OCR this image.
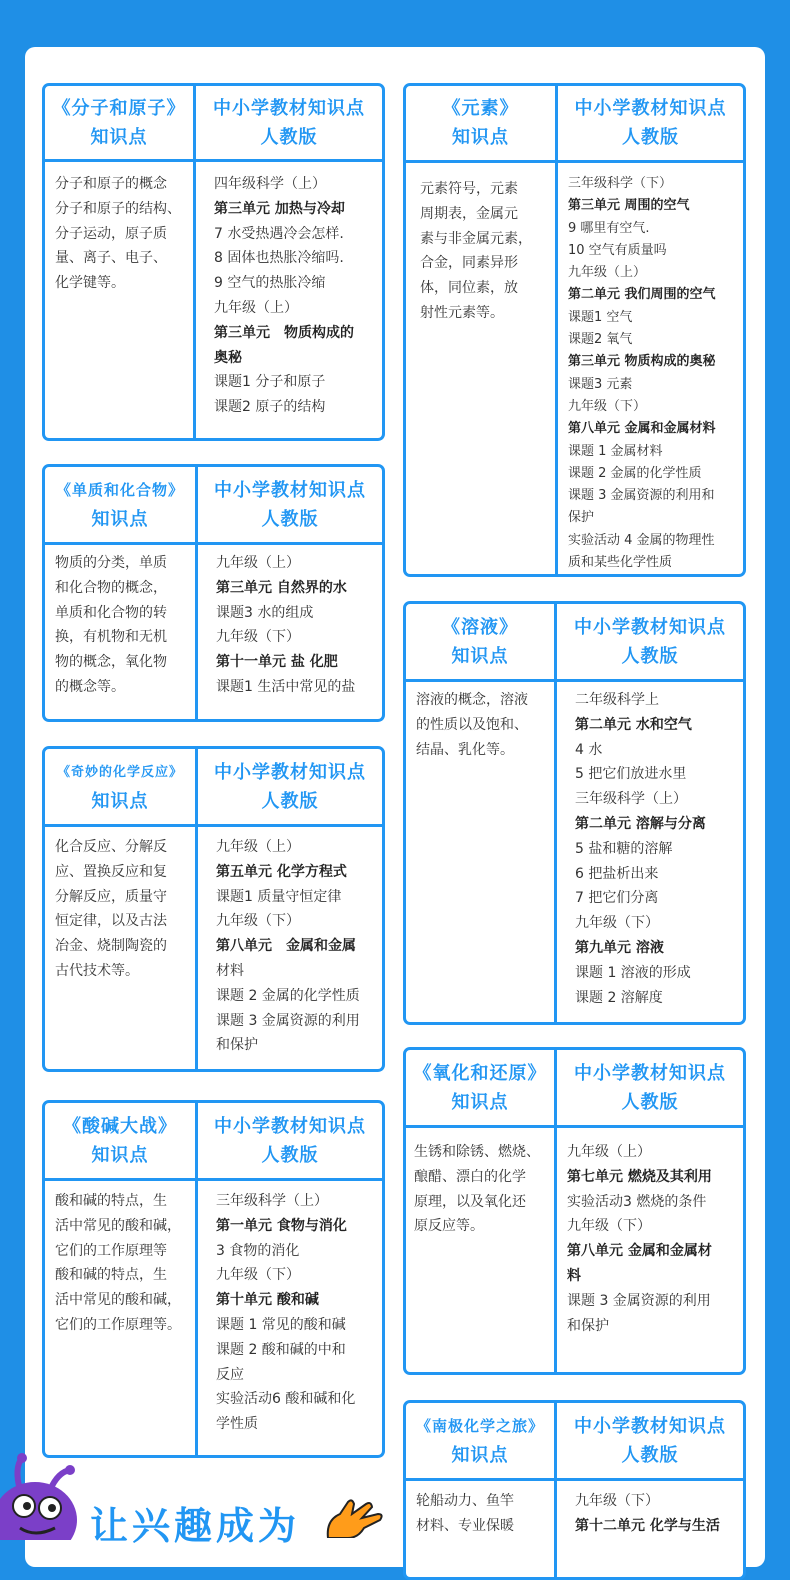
《分子和原子》
知识点
中小学教材知识点
人教版
分子和原子的概念
分子和原子的结构、
分子运动，原子质
量、离子、电子、
化学键等。
四年级科学（上）
第三单元 加热与冷却
7 水受热遇冷会怎样.
8 固体也热胀冷缩吗.
9 空气的热胀冷缩
九年级（上）
第三单元　物质构成的
奥秘
课题1 分子和原子
课题2 原子的结构
《元素》
知识点
中小学教材知识点
人教版
元素符号，元素
周期表，金属元
素与非金属元素，
合金，同素异形
体，同位素，放
射性元素等。
三年级科学（下）
第三单元 周围的空气
9 哪里有空气.
10 空气有质量吗
九年级（上）
第二单元 我们周围的空气
课题1 空气
课题2 氧气
第三单元 物质构成的奥秘
课题3 元素
九年级（下）
第八单元 金属和金属材料
课题 1 金属材料
课题 2 金属的化学性质
课题 3 金属资源的利用和
保护
实验活动 4 金属的物理性
质和某些化学性质
《单质和化合物》
知识点
中小学教材知识点
人教版
物质的分类，单质
和化合物的概念，
单质和化合物的转
换，有机物和无机
物的概念，氧化物
的概念等。
九年级（上）
第三单元 自然界的水
课题3 水的组成
九年级（下）
第十一单元 盐 化肥
课题1 生活中常见的盐
《溶液》
知识点
中小学教材知识点
人教版
溶液的概念，溶液
的性质以及饱和、
结晶、乳化等。
二年级科学上
第二单元 水和空气
4 水
5 把它们放进水里
三年级科学（上）
第二单元 溶解与分离
5 盐和糖的溶解
6 把盐析出来
7 把它们分离
九年级（下）
第九单元 溶液
课题 1 溶液的形成
课题 2 溶解度
《奇妙的化学反应》
知识点
中小学教材知识点
人教版
化合反应、分解反
应、置换反应和复
分解反应，质量守
恒定律，以及古法
冶金、烧制陶瓷的
古代技术等。
九年级（上）
第五单元 化学方程式
课题1 质量守恒定律
九年级（下）
第八单元　金属和金属
材料
课题 2 金属的化学性质
课题 3 金属资源的利用
和保护
《氧化和还原》
知识点
中小学教材知识点
人教版
生锈和除锈、燃烧、
酿醋、漂白的化学
原理，以及氧化还
原反应等。
九年级（上）
第七单元 燃烧及其利用
实验活动3 燃烧的条件
九年级（下）
第八单元 金属和金属材
料
课题 3 金属资源的利用
和保护
《酸碱大战》
知识点
中小学教材知识点
人教版
酸和碱的特点，生
活中常见的酸和碱，
它们的工作原理等
酸和碱的特点，生
活中常见的酸和碱，
它们的工作原理等。
三年级科学（上）
第一单元 食物与消化
3 食物的消化
九年级（下）
第十单元 酸和碱
课题 1 常见的酸和碱
课题 2 酸和碱的中和
反应
实验活动6 酸和碱和化
学性质	《南极化学之旅》
知识点
中小学教材知识点
人教版
轮船动力、鱼竿
材料、专业保暖
九年级（下）
第十二单元 化学与生活
让兴趣成为
